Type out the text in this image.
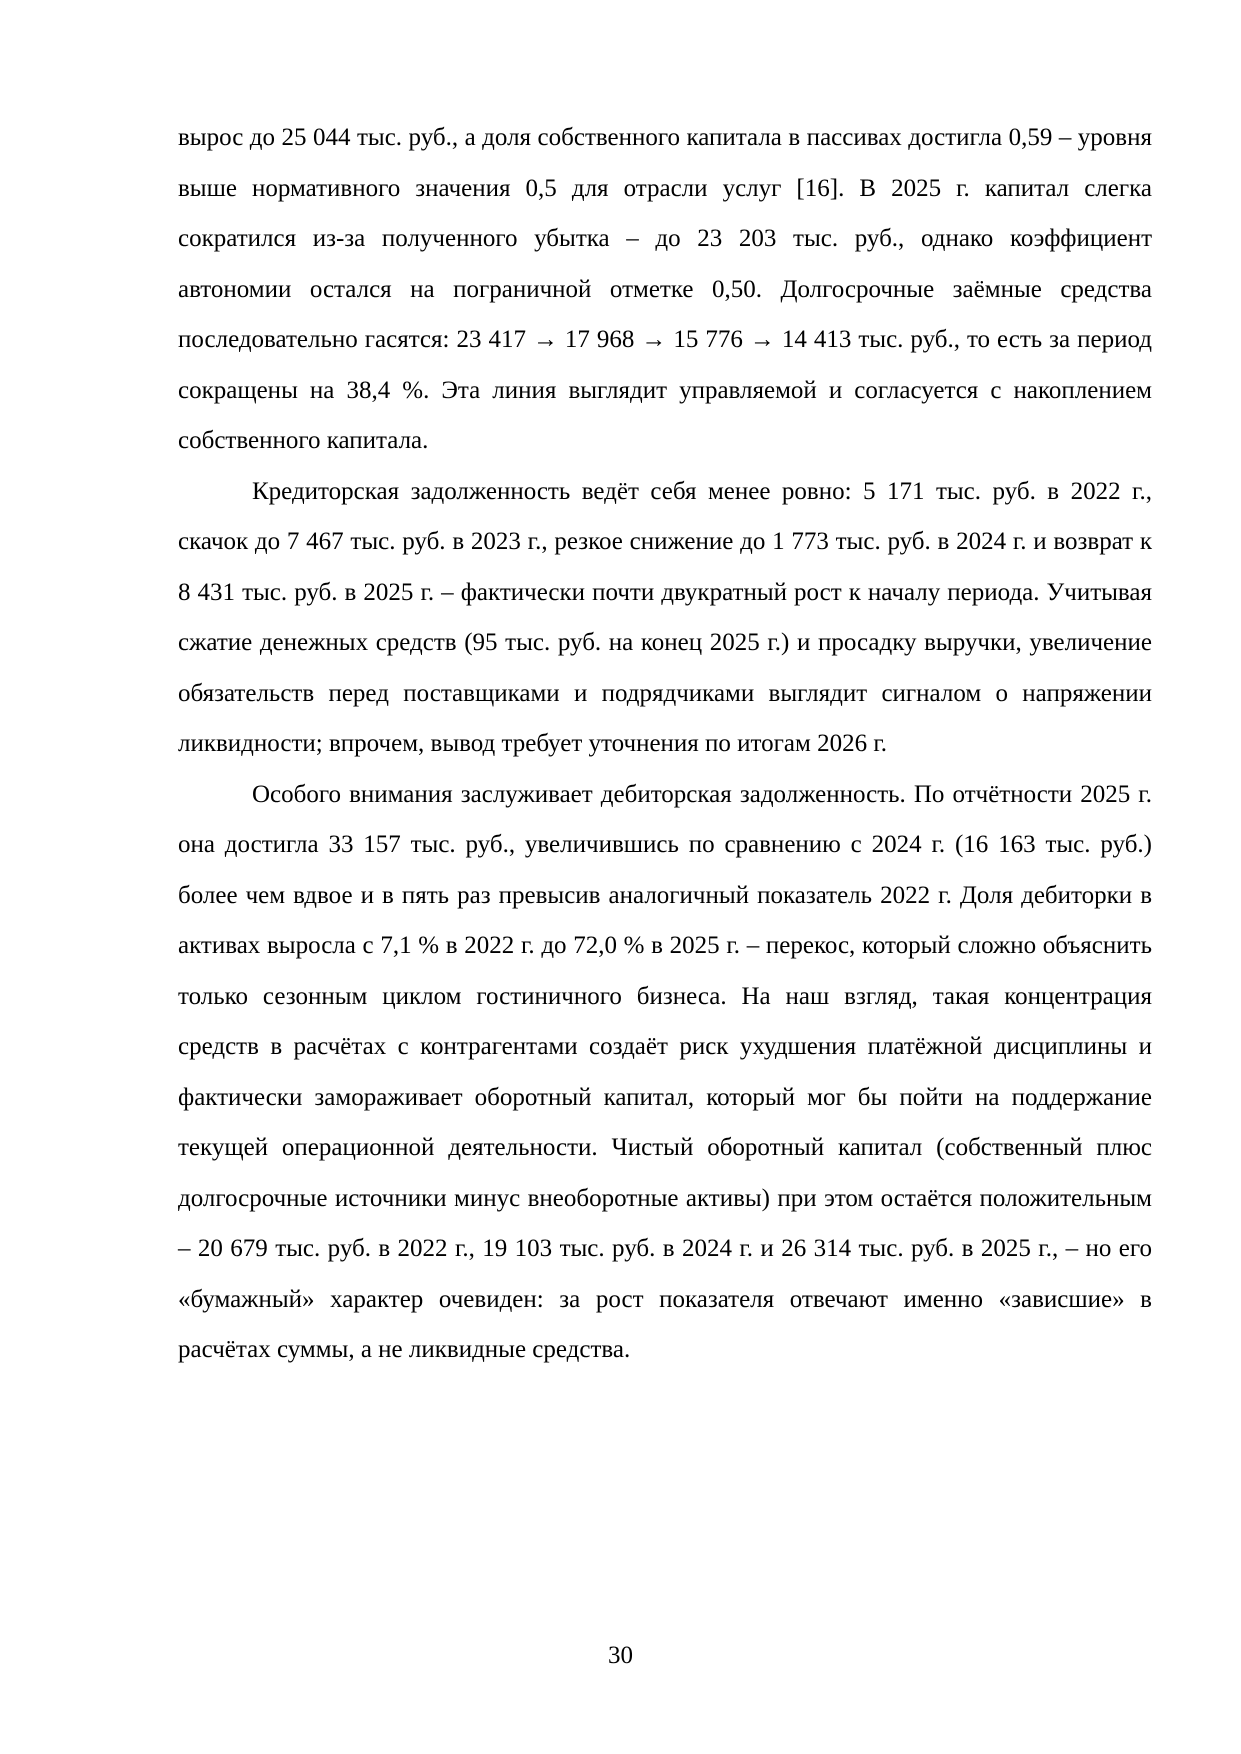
вырос до 25 044 тыс. руб., а доля собственного капитала в пассивах достигла 0,59 – уровня выше нормативного значения 0,5 для отрасли услуг [16]. В 2025 г. капитал слегка сократился из-за полученного убытка – до 23 203 тыс. руб., однако коэффициент автономии остался на пограничной отметке 0,50. Долгосрочные заёмные средства последовательно гасятся: 23 417 → 17 968 → 15 776 → 14 413 тыс. руб., то есть за период сокращены на 38,4 %. Эта линия выглядит управляемой и согласуется с накоплением собственного капитала.

Кредиторская задолженность ведёт себя менее ровно: 5 171 тыс. руб. в 2022 г., скачок до 7 467 тыс. руб. в 2023 г., резкое снижение до 1 773 тыс. руб. в 2024 г. и возврат к 8 431 тыс. руб. в 2025 г. – фактически почти двукратный рост к началу периода. Учитывая сжатие денежных средств (95 тыс. руб. на конец 2025 г.) и просадку выручки, увеличение обязательств перед поставщиками и подрядчиками выглядит сигналом о напряжении ликвидности; впрочем, вывод требует уточнения по итогам 2026 г.

Особого внимания заслуживает дебиторская задолженность. По отчётности 2025 г. она достигла 33 157 тыс. руб., увеличившись по сравнению с 2024 г. (16 163 тыс. руб.) более чем вдвое и в пять раз превысив аналогичный показатель 2022 г. Доля дебиторки в активах выросла с 7,1 % в 2022 г. до 72,0 % в 2025 г. – перекос, который сложно объяснить только сезонным циклом гостиничного бизнеса. На наш взгляд, такая концентрация средств в расчётах с контрагентами создаёт риск ухудшения платёжной дисциплины и фактически замораживает оборотный капитал, который мог бы пойти на поддержание текущей операционной деятельности. Чистый оборотный капитал (собственный плюс долгосрочные источники минус внеоборотные активы) при этом остаётся положительным – 20 679 тыс. руб. в 2022 г., 19 103 тыс. руб. в 2024 г. и 26 314 тыс. руб. в 2025 г., – но его «бумажный» характер очевиден: за рост показателя отвечают именно «зависшие» в расчётах суммы, а не ликвидные средства.

30
